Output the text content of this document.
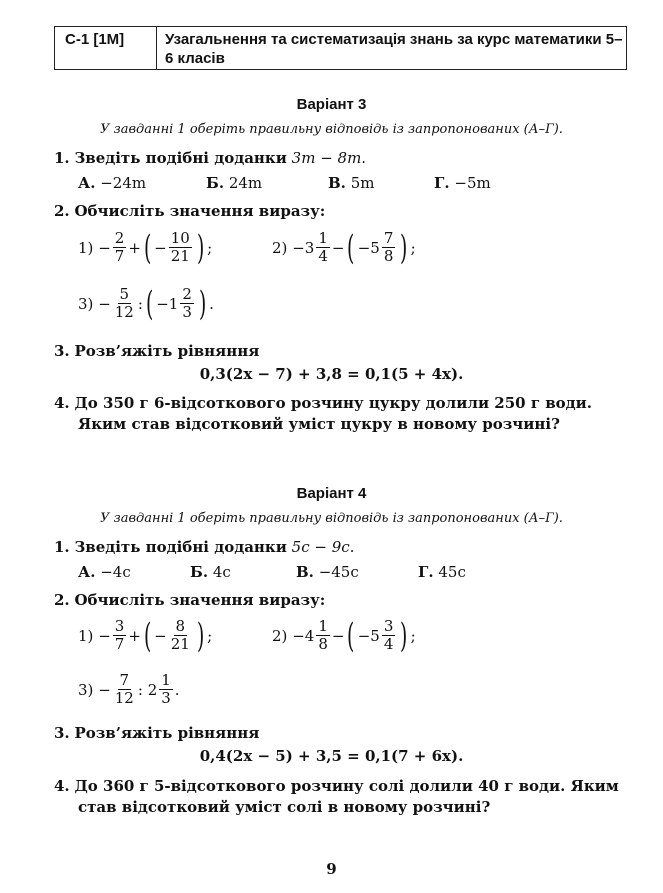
С-1 [1М]	Узагальнення та систематизація знань за курс математики 5–6 класів
Варіант 3
У завданні 1 оберіть правильну відповідь із запропонованих (А–Г).
1. Зведіть подібні доданки 3m − 8m.
А. −24m	Б. 24m	В. 5m	Г. −5m
2. Обчисліть значення виразу:
1)
− $\frac{2}{7}$ + ( − $\frac{10}{21}$ ) ;	2)
$-3 \frac{1}{4}$ − ( $-5 \frac{7}{8}$ ) ;
3)
− $\frac{5}{12}$ : ( $-1 \frac{2}{3}$ ) .
3. Розв’яжіть рівняння
0,3(2x − 7) + 3,8 = 0,1(5 + 4x).
4. До 350 г 6-відсоткового розчину цукру долили 250 г води.
Яким став відсотковий уміст цукру в новому розчині?
Варіант 4
У завданні 1 оберіть правильну відповідь із запропонованих (А–Г).
1. Зведіть подібні доданки 5c − 9c.
А. −4c	Б. 4c	В. −45c	Г. 45c
2. Обчисліть значення виразу:
1)
− $\frac{3}{7}$ + ( − $\frac{8}{21}$ ) ;	2)
$-4 \frac{1}{8}$ − ( $-5 \frac{3}{4}$ ) ;
3)
− $\frac{7}{12}$ :
$2 \frac{1}{3}$ .
3. Розв’яжіть рівняння
0,4(2x − 5) + 3,5 = 0,1(7 + 6x).
4. До 360 г 5-відсоткового розчину солі долили 40 г води. Яким
став відсотковий уміст солі в новому розчині?
9
